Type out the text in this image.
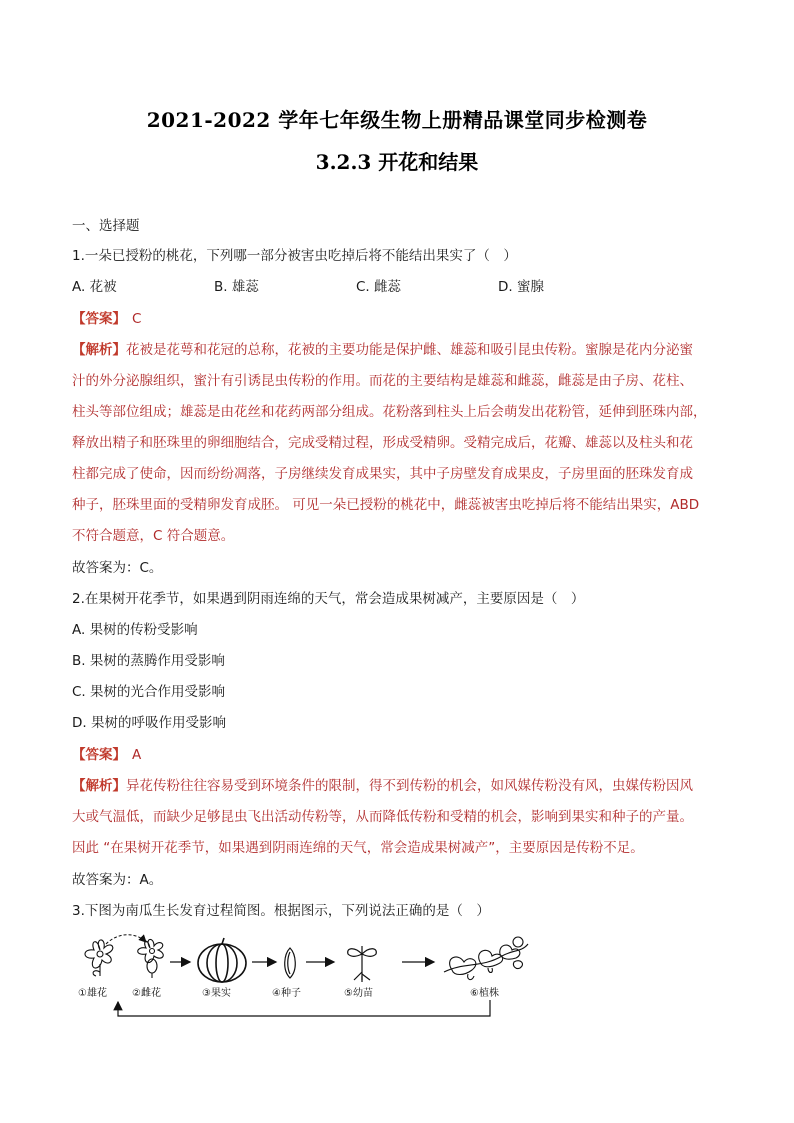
2021-2022 学年七年级生物上册精品课堂同步检测卷
3.2.3 开花和结果
一、选择题
1.一朵已授粉的桃花，下列哪一部分被害虫吃掉后将不能结出果实了（　）
A. 花被	B. 雄蕊	C. 雌蕊	D. 蜜腺
【答案】 C
【解析】花被是花萼和花冠的总称，花被的主要功能是保护雌、雄蕊和吸引昆虫传粉。蜜腺是花内分泌蜜
汁的外分泌腺组织，蜜汁有引诱昆虫传粉的作用。而花的主要结构是雄蕊和雌蕊，雌蕊是由子房、花柱、
柱头等部位组成；雄蕊是由花丝和花药两部分组成。花粉落到柱头上后会萌发出花粉管，延伸到胚珠内部，
释放出精子和胚珠里的卵细胞结合，完成受精过程，形成受精卵。受精完成后，花瓣、雄蕊以及柱头和花
柱都完成了使命，因而纷纷凋落，子房继续发育成果实，其中子房壁发育成果皮，子房里面的胚珠发育成
种子，胚珠里面的受精卵发育成胚。 可见一朵已授粉的桃花中，雌蕊被害虫吃掉后将不能结出果实，ABD
不符合题意，C 符合题意。
故答案为：C。
2.在果树开花季节，如果遇到阴雨连绵的天气，常会造成果树减产，主要原因是（　）
A. 果树的传粉受影响
B. 果树的蒸腾作用受影响
C. 果树的光合作用受影响
D. 果树的呼吸作用受影响
【答案】 A
【解析】异花传粉往往容易受到环境条件的限制，得不到传粉的机会，如风媒传粉没有风，虫媒传粉因风
大或气温低，而缺少足够昆虫飞出活动传粉等，从而降低传粉和受精的机会，影响到果实和种子的产量。
因此 “在果树开花季节，如果遇到阴雨连绵的天气，常会造成果树减产”，主要原因是传粉不足。
故答案为：A。
3.下图为南瓜生长发育过程简图。根据图示，下列说法正确的是（　）
①雄花	②雌花	③果实	④种子	⑤幼苗	⑥植株
